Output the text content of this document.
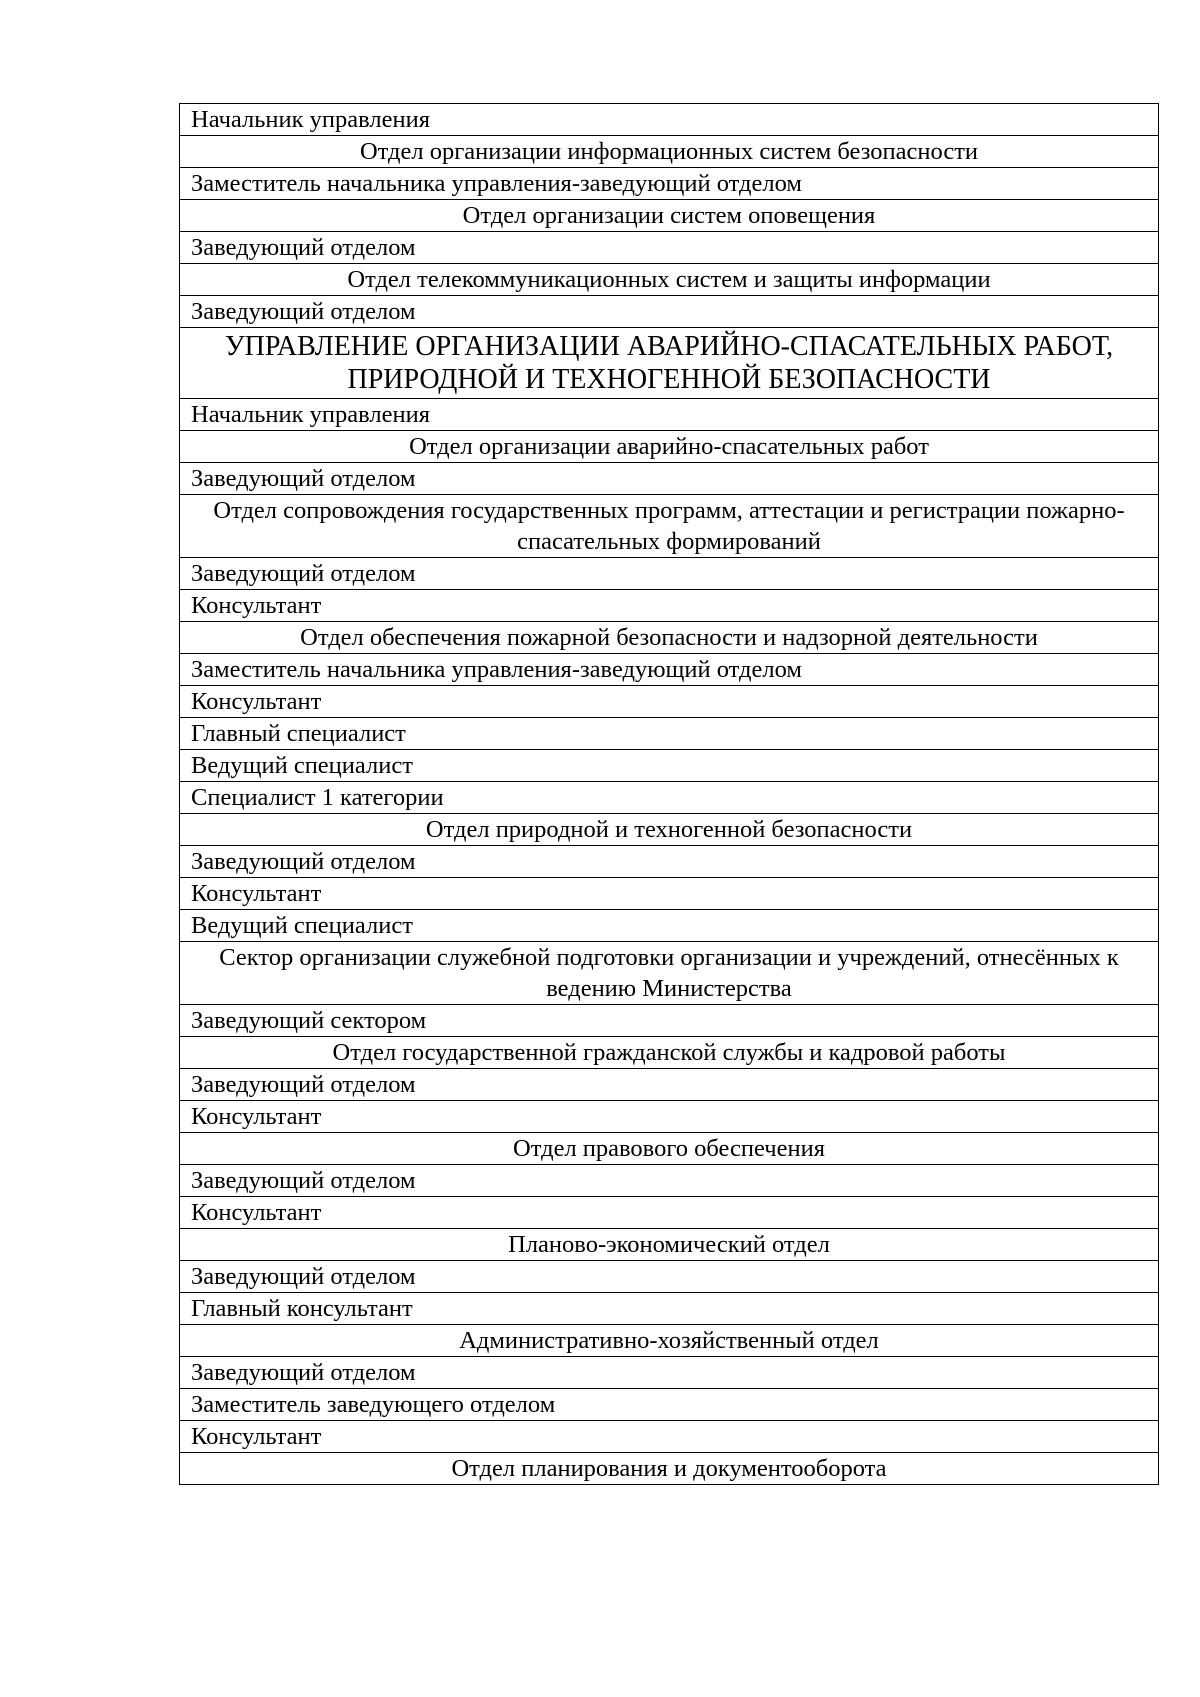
Начальник управления
Отдел организации информационных систем безопасности
Заместитель начальника управления-заведующий отделом
Отдел организации систем оповещения
Заведующий отделом
Отдел телекоммуникационных систем и защиты информации
Заведующий отделом
УПРАВЛЕНИЕ ОРГАНИЗАЦИИ АВАРИЙНО-СПАСАТЕЛЬНЫХ РАБОТ, ПРИРОДНОЙ И ТЕХНОГЕННОЙ БЕЗОПАСНОСТИ
Начальник управления
Отдел организации аварийно-спасательных работ
Заведующий отделом
Отдел сопровождения государственных программ, аттестации и регистрации пожарно-спасательных формирований
Заведующий отделом
Консультант
Отдел обеспечения пожарной безопасности и надзорной деятельности
Заместитель начальника управления-заведующий отделом
Консультант
Главный специалист
Ведущий специалист
Специалист 1 категории
Отдел природной и техногенной безопасности
Заведующий отделом
Консультант
Ведущий специалист
Сектор организации служебной подготовки организации и учреждений, отнесённых к ведению Министерства
Заведующий сектором
Отдел государственной гражданской службы и кадровой работы
Заведующий отделом
Консультант
Отдел правового обеспечения
Заведующий отделом
Консультант
Планово-экономический отдел
Заведующий отделом
Главный консультант
Административно-хозяйственный отдел
Заведующий отделом
Заместитель заведующего отделом
Консультант
Отдел планирования и документооборота
